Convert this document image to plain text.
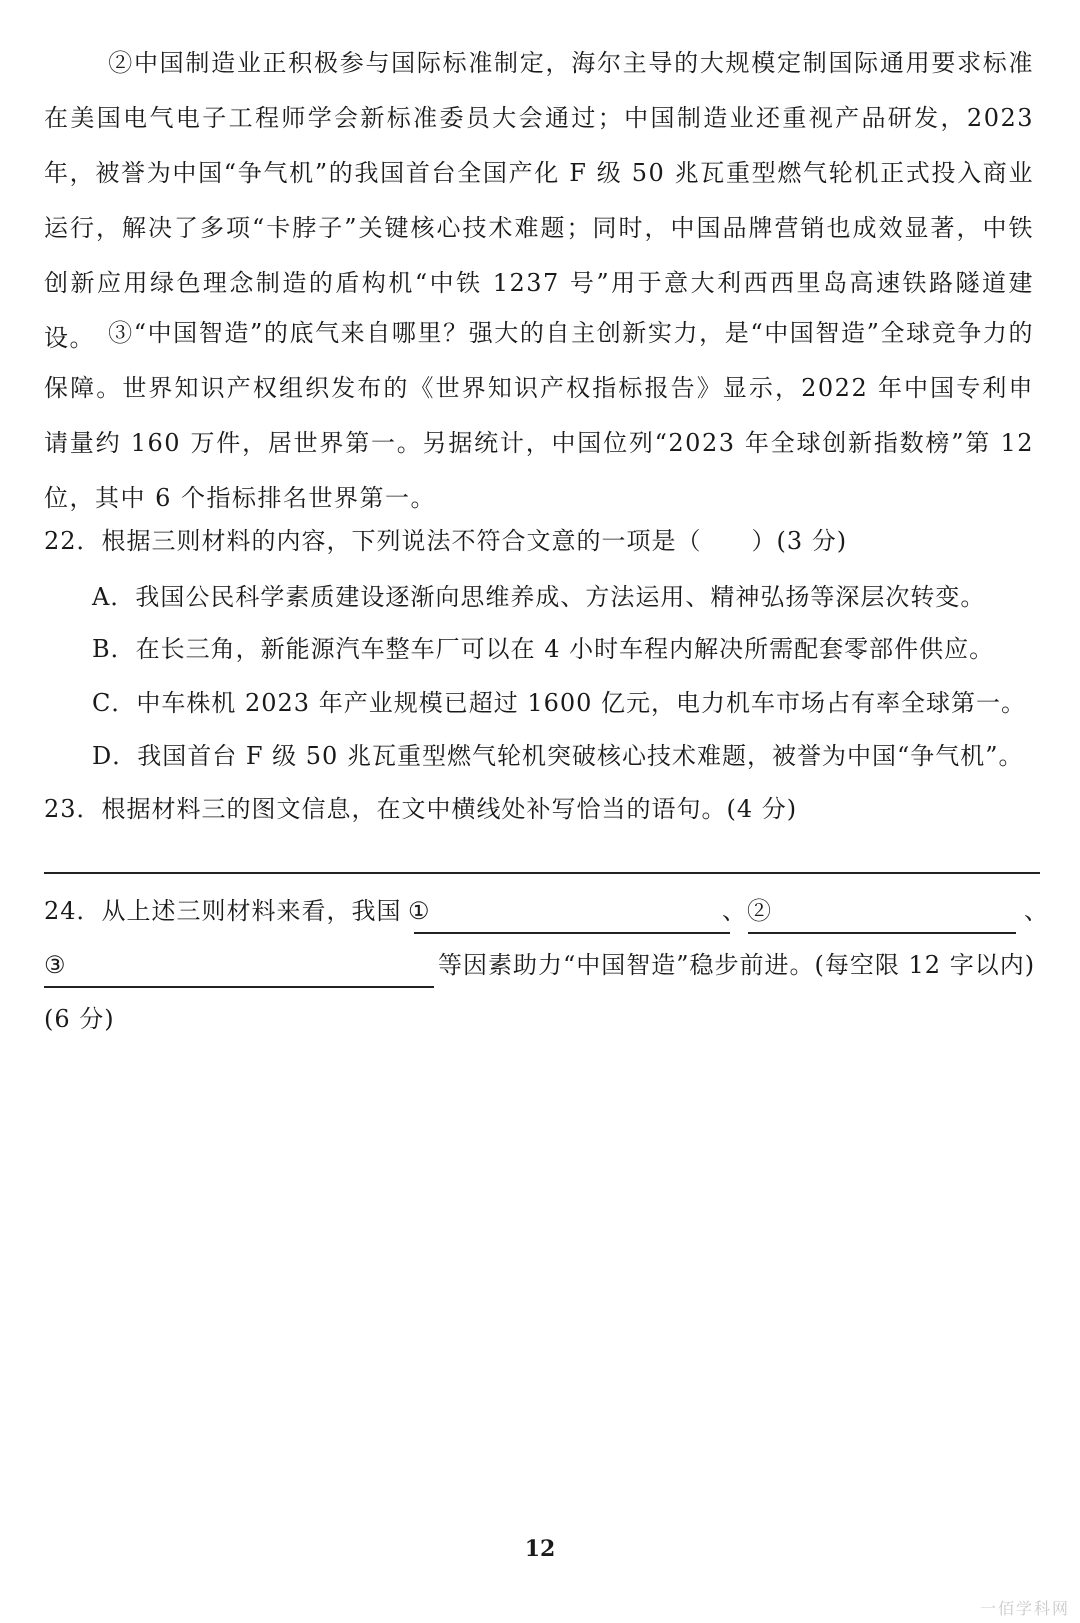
②中国制造业正积极参与国际标准制定，海尔主导的大规模定制国际通用要求标准在美国电气电子工程师学会新标准委员大会通过；中国制造业还重视产品研发，2023年，被誉为中国“争气机”的我国首台全国产化 F 级 50 兆瓦重型燃气轮机正式投入商业运行，解决了多项“卡脖子”关键核心技术难题；同时，中国品牌营销也成效显著，中铁创新应用绿色理念制造的盾构机“中铁 1237 号”用于意大利西西里岛高速铁路隧道建设。 ③“中国智造”的底气来自哪里？强大的自主创新实力，是“中国智造”全球竞争力的保障。世界知识产权组织发布的《世界知识产权指标报告》显示，2022 年中国专利申请量约 160 万件，居世界第一。另据统计，中国位列“2023 年全球创新指数榜”第 12 位，其中 6 个指标排名世界第一。

22．根据三则材料的内容，下列说法不符合文意的一项是（　　）(3 分)
A．我国公民科学素质建设逐渐向思维养成、方法运用、精神弘扬等深层次转变。
B．在长三角，新能源汽车整车厂可以在 4 小时车程内解决所需配套零部件供应。
C．中车株机 2023 年产业规模已超过 1600 亿元，电力机车市场占有率全球第一。
D．我国首台 F 级 50 兆瓦重型燃气轮机突破核心技术难题，被誉为中国“争气机”。
23．根据材料三的图文信息，在文中横线处补写恰当的语句。(4 分)
24．从上述三则材料来看，我国 ①	、②	、
③	等因素助力“中国智造”稳步前进。(每空限 12 字以内)
(6 分)
12
一佰学科网
